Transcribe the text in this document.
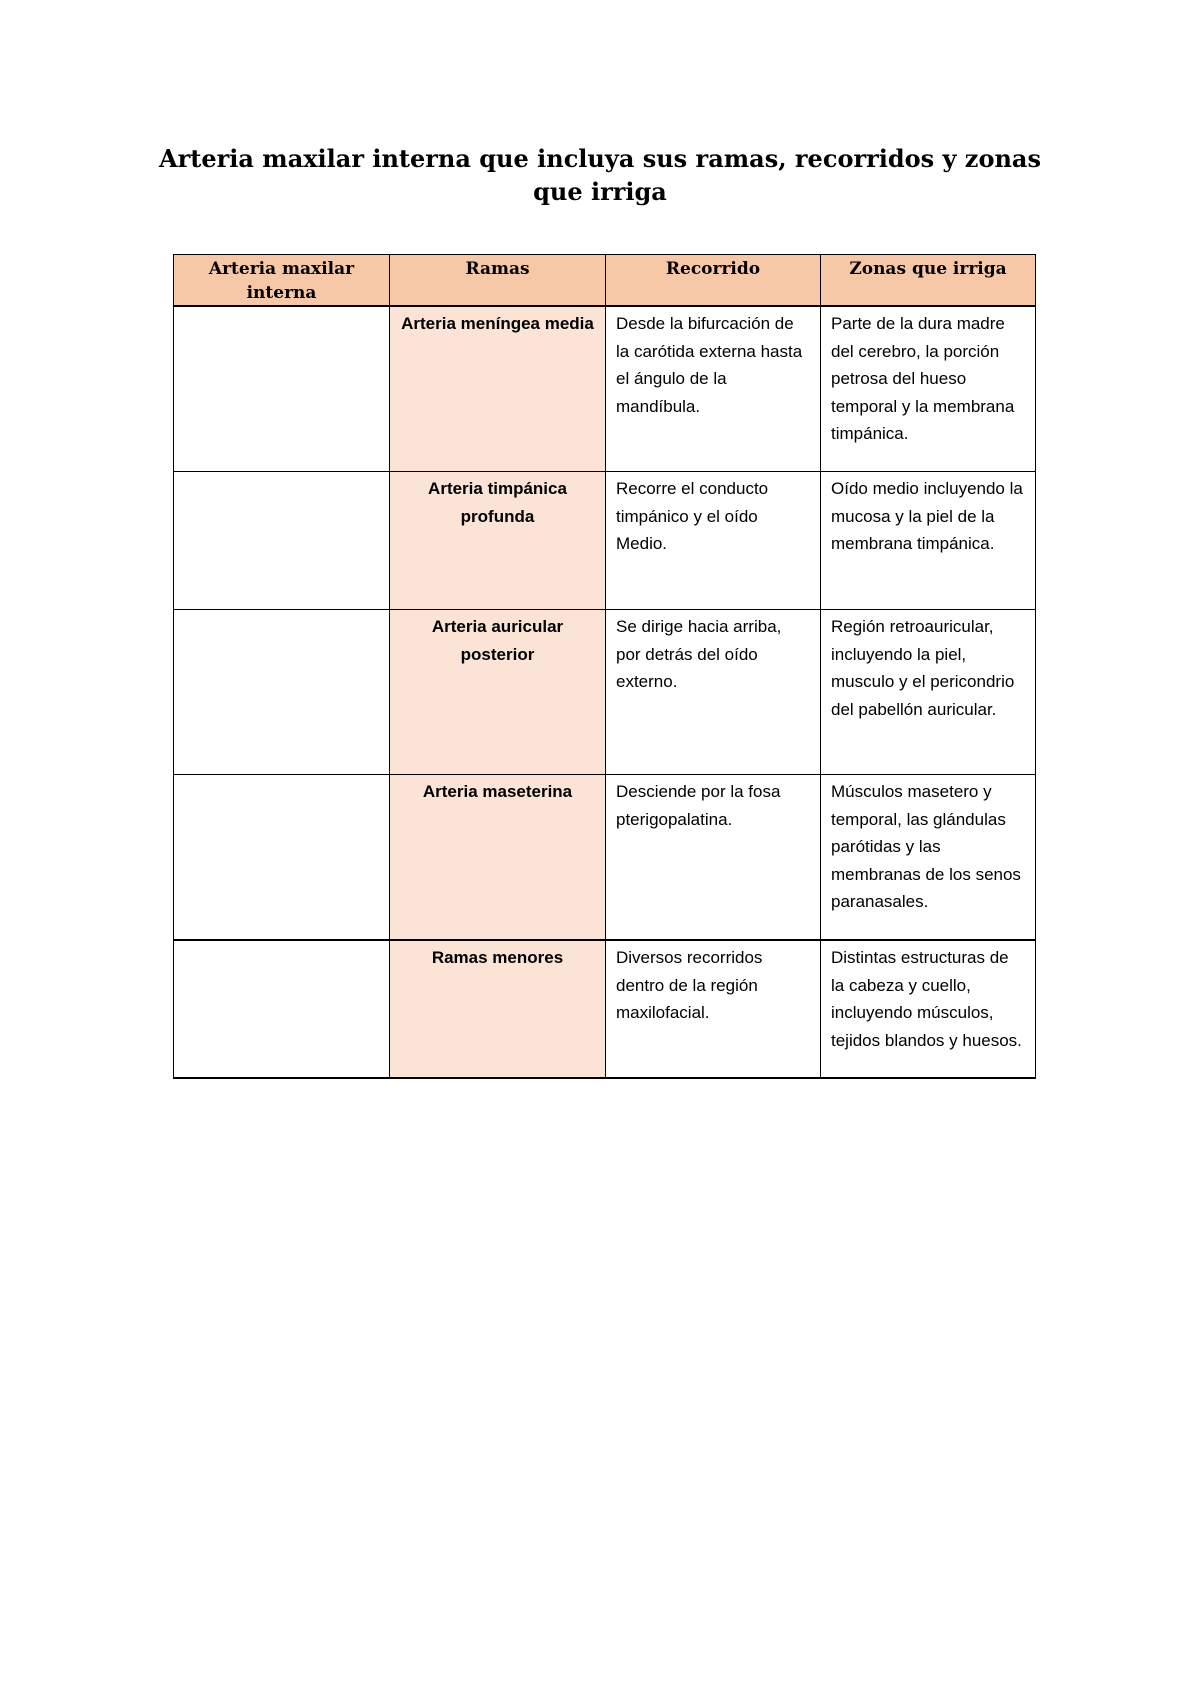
Arteria maxilar interna que incluya sus ramas, recorridos y zonas que irriga
Arteria maxilar interna	Ramas	Recorrido	Zonas que irriga
	Arteria meníngea media	Desde la bifurcación de la carótida externa hasta el ángulo de la mandíbula.	Parte de la dura madre del cerebro, la porción petrosa del hueso temporal y la membrana timpánica.
	Arteria timpánica profunda	Recorre el conducto timpánico y el oído Medio.	Oído medio incluyendo la mucosa y la piel de la membrana timpánica.
	Arteria auricular posterior	Se dirige hacia arriba, por detrás del oído externo.	Región retroauricular, incluyendo la piel, musculo y el pericondrio del pabellón auricular.
	Arteria maseterina	Desciende por la fosa pterigopalatina.	Músculos masetero y temporal, las glándulas parótidas y las membranas de los senos paranasales.
	Ramas menores	Diversos recorridos dentro de la región maxilofacial.	Distintas estructuras de la cabeza y cuello, incluyendo músculos, tejidos blandos y huesos.
